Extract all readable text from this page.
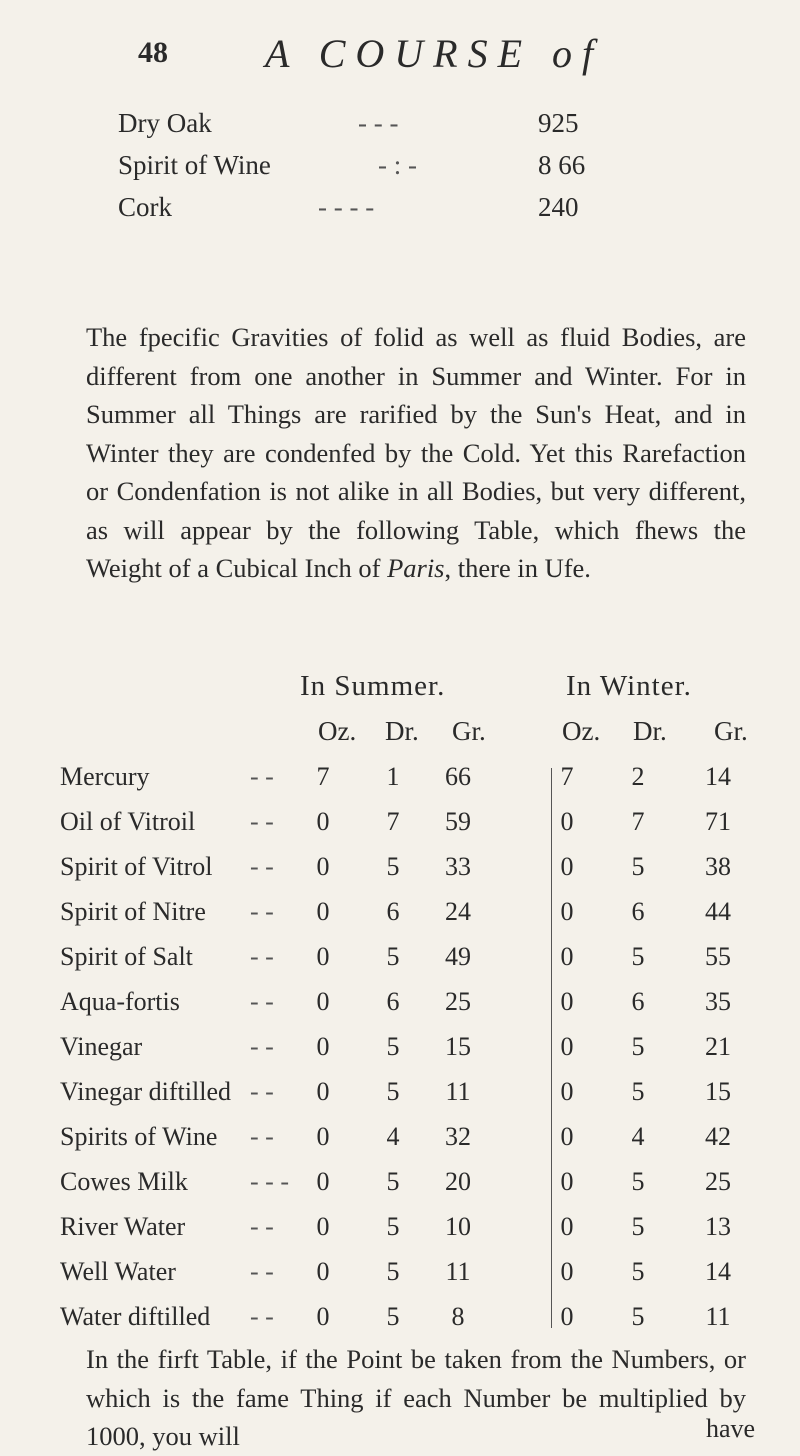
48 A COURSE of
Dry Oak	- - -	925
Spirit of Wine	- : -	8 66
Cork	- - - -	240
The fpecific Gravities of folid as well as fluid Bodies, are different from one another in Summer and Winter. For in Summer all Things are rarified by the Sun's Heat, and in Winter they are condenfed by the Cold. Yet this Rarefaction or Condenfation is not alike in all Bodies, but very different, as will appear by the following Table, which fhews the Weight of a Cubical Inch of Paris, there in Ufe.
In Summer.	In Winter.
Oz. Dr. Gr.	Oz. Dr. Gr.
Mercury	- -	7	1	66	7	2	14
Oil of Vitroil - -	0	7	59	0	7	71
Spirit of Vitrol - -	0	5	33	0	5	38
Spirit of Nitre - -	0	6	24	0	6	44
Spirit of Salt - -	0	5	49	0	5	55
Aqua-fortis	- -	0	6	25	0	6	35
Vinegar	- -	0	5	15	0	5	21
Vinegar diftilled - -	0	5	11	0	5	15
Spirits of Wine - -	0	4	32	0	4	42
Cowes Milk - - -	0	5	20	0	5	25
River Water - -	0	5	10	0	5	13
Well Water	- -	0	5	11	0	5	14
Water diftilled - -	0	5	8	0	5	11
In the firft Table, if the Point be taken from the Numbers, or which is the fame Thing if each Number be multiplied by 1000, you will	have
